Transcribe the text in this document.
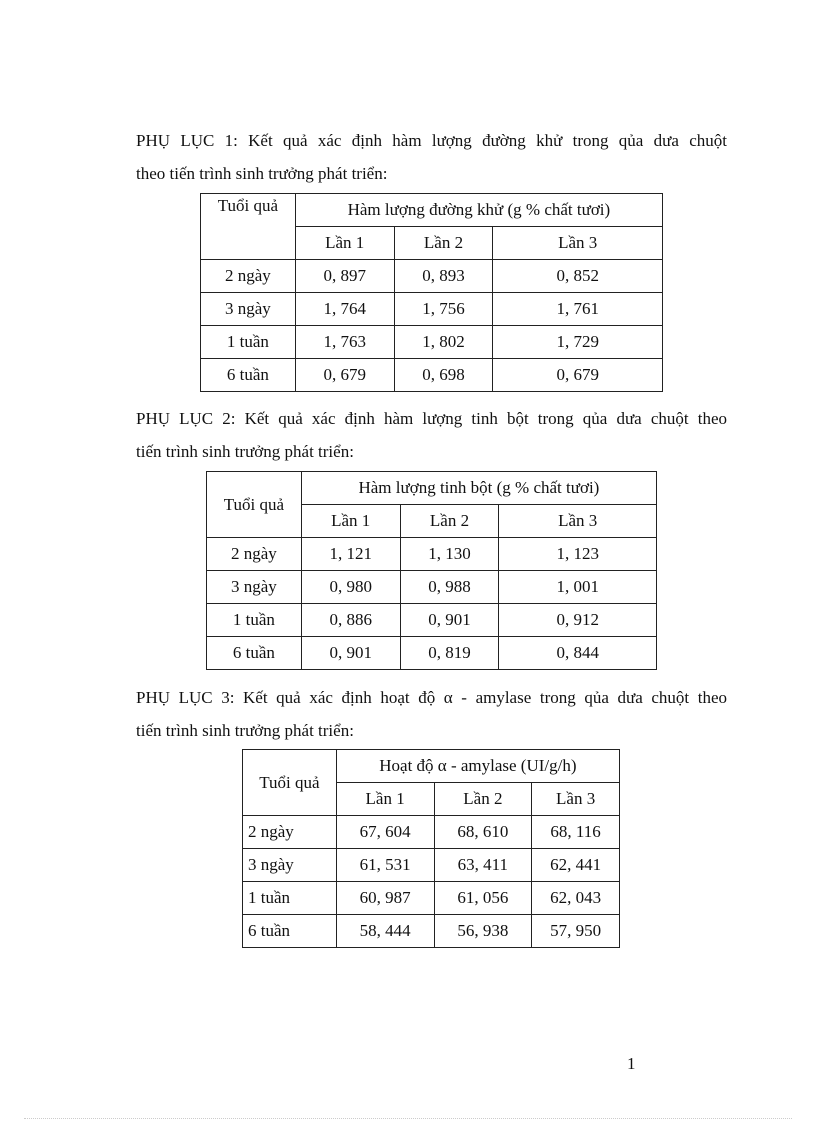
PHỤ LỤC 1: Kết quả xác định hàm lượng đường khử trong qủa dưa chuột
theo tiến trình sinh trưởng phát triển:

Tuổi quả	Hàm lượng đường khử (g % chất tươi)		
	Lần 1	Lần 2	Lần 3
2 ngày	0, 897	0, 893	0, 852
3 ngày	1, 764	1, 756	1, 761
1 tuần	1, 763	1, 802	1, 729
6 tuần	0, 679	0, 698	0, 679

PHỤ LỤC 2: Kết quả xác định hàm lượng tinh bột trong qủa dưa chuột theo
tiến trình sinh trưởng phát triển:

Tuổi quả	Hàm lượng tinh bột (g % chất tươi)		
	Lần 1	Lần 2	Lần 3
2 ngày	1, 121	1, 130	1, 123
3 ngày	0, 980	0, 988	1, 001
1 tuần	0, 886	0, 901	0, 912
6 tuần	0, 901	0, 819	0, 844

PHỤ LỤC 3: Kết quả xác định hoạt độ α - amylase trong qủa dưa chuột theo
tiến trình sinh trưởng phát triển:

Tuổi quả	Hoạt độ α - amylase (UI/g/h)		
	Lần 1	Lần 2	Lần 3
2 ngày	67, 604	68, 610	68, 116
3 ngày	61, 531	63, 411	62, 441
1 tuần	60, 987	61, 056	62, 043
6 tuần	58, 444	56, 938	57, 950
1
